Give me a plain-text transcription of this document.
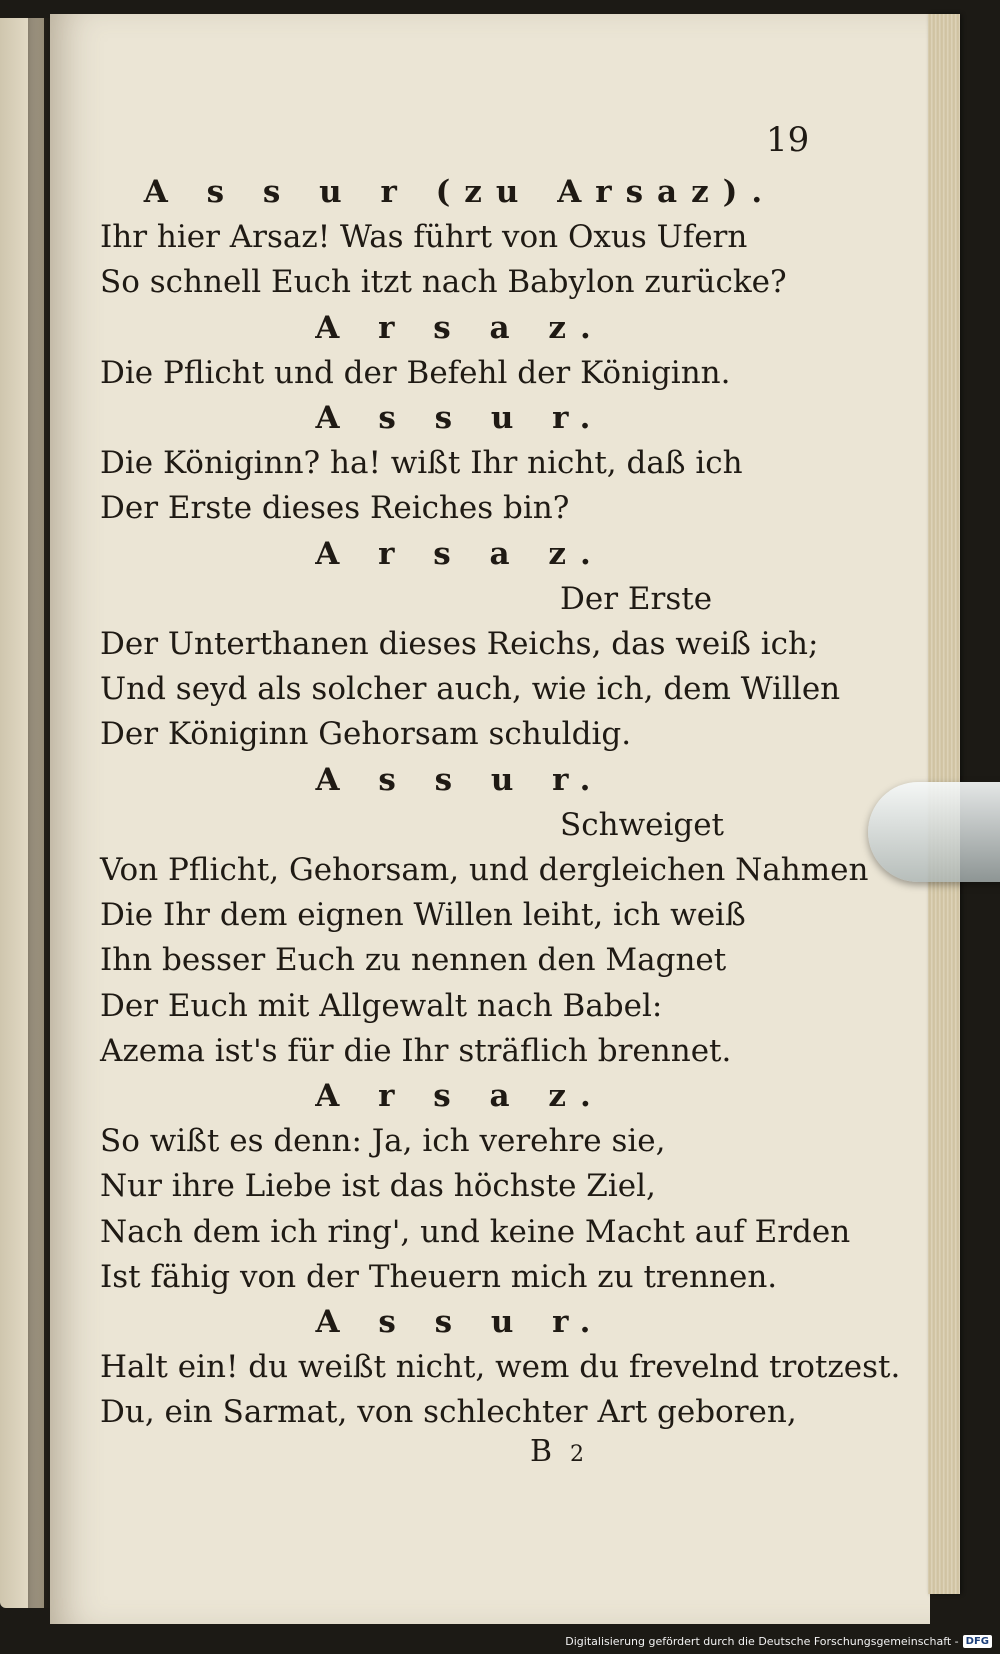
19
A s s u r (zu Arsaz).
Ihr hier Arsaz! Was führt von Oxus Ufern
So schnell Euch itzt nach Babylon zurücke?
A r s a z.
Die Pflicht und der Befehl der Königinn.
A s s u r.
Die Königinn? ha! wißt Ihr nicht, daß ich
Der Erste dieses Reiches bin?
A r s a z.
Der Erste
Der Unterthanen dieses Reichs, das weiß ich;
Und seyd als solcher auch, wie ich, dem Willen
Der Königinn Gehorsam schuldig.
A s s u r.
Schweiget
Von Pflicht, Gehorsam, und dergleichen Nahmen
Die Ihr dem eignen Willen leiht, ich weiß
Ihn besser Euch zu nennen den Magnet
Der Euch mit Allgewalt nach Babel:
Azema ist's für die Ihr sträflich brennet.
A r s a z.
So wißt es denn: Ja, ich verehre sie,
Nur ihre Liebe ist das höchste Ziel,
Nach dem ich ring', und keine Macht auf Erden
Ist fähig von der Theuern mich zu trennen.
A s s u r.
Halt ein! du weißt nicht, wem du frevelnd trotzest.
Du, ein Sarmat, von schlechter Art geboren,
B 2
Digitalisierung gefördert durch die Deutsche Forschungsgemeinschaft - DFG
